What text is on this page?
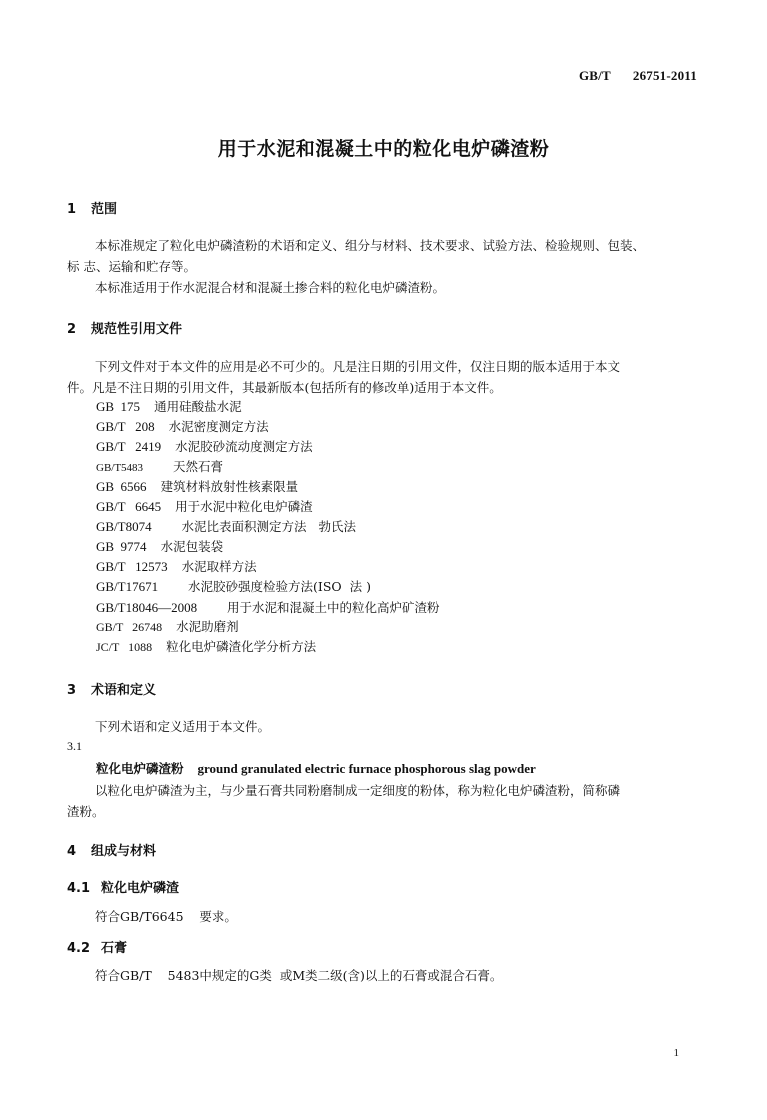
GB/T 26751-2011
用于水泥和混凝土中的粒化电炉磷渣粉
1 范围
本标准规定了粒化电炉磷渣粉的术语和定义、组分与材料、技术要求、试验方法、检验规则、包装、
标 志、运输和贮存等。
本标准适用于作水泥混合材和混凝土掺合料的粒化电炉磷渣粉。
2 规范性引用文件
下列文件对于本文件的应用是必不可少的。凡是注日期的引用文件，仅注日期的版本适用于本文
件。凡是不注日期的引用文件，其最新版本(包括所有的修改单)适用于本文件。
GB  175 通用硅酸盐水泥
GB/T   208 水泥密度测定方法
GB/T   2419 水泥胶砂流动度测定方法
GB/T5483    天然石膏
GB  6566 建筑材料放射性核素限量
GB/T   6645 用于水泥中粒化电炉磷渣
GB/T8074    水泥比表面积测定方法   勃氏法
GB  9774 水泥包装袋
GB/T   12573 水泥取样方法
GB/T17671    水泥胶砂强度检验方法(ISO  法 )
GB/T18046—2008    用于水泥和混凝土中的粒化高炉矿渣粉
GB/T   26748 水泥助磨剂
JC/T   1088 粒化电炉磷渣化学分析方法
3 术语和定义
下列术语和定义适用于本文件。
3.1
粒化电炉磷渣粉 ground granulated electric furnace phosphorous slag powder
以粒化电炉磷渣为主，与少量石膏共同粉磨制成一定细度的粉体，称为粒化电炉磷渣粉，简称磷
渣粉。
4 组成与材料
4.1 粒化电炉磷渣
符合GB/T6645    要求。
4.2 石膏
符合GB/T    5483中规定的G类  或M类二级(含)以上的石膏或混合石膏。
1
